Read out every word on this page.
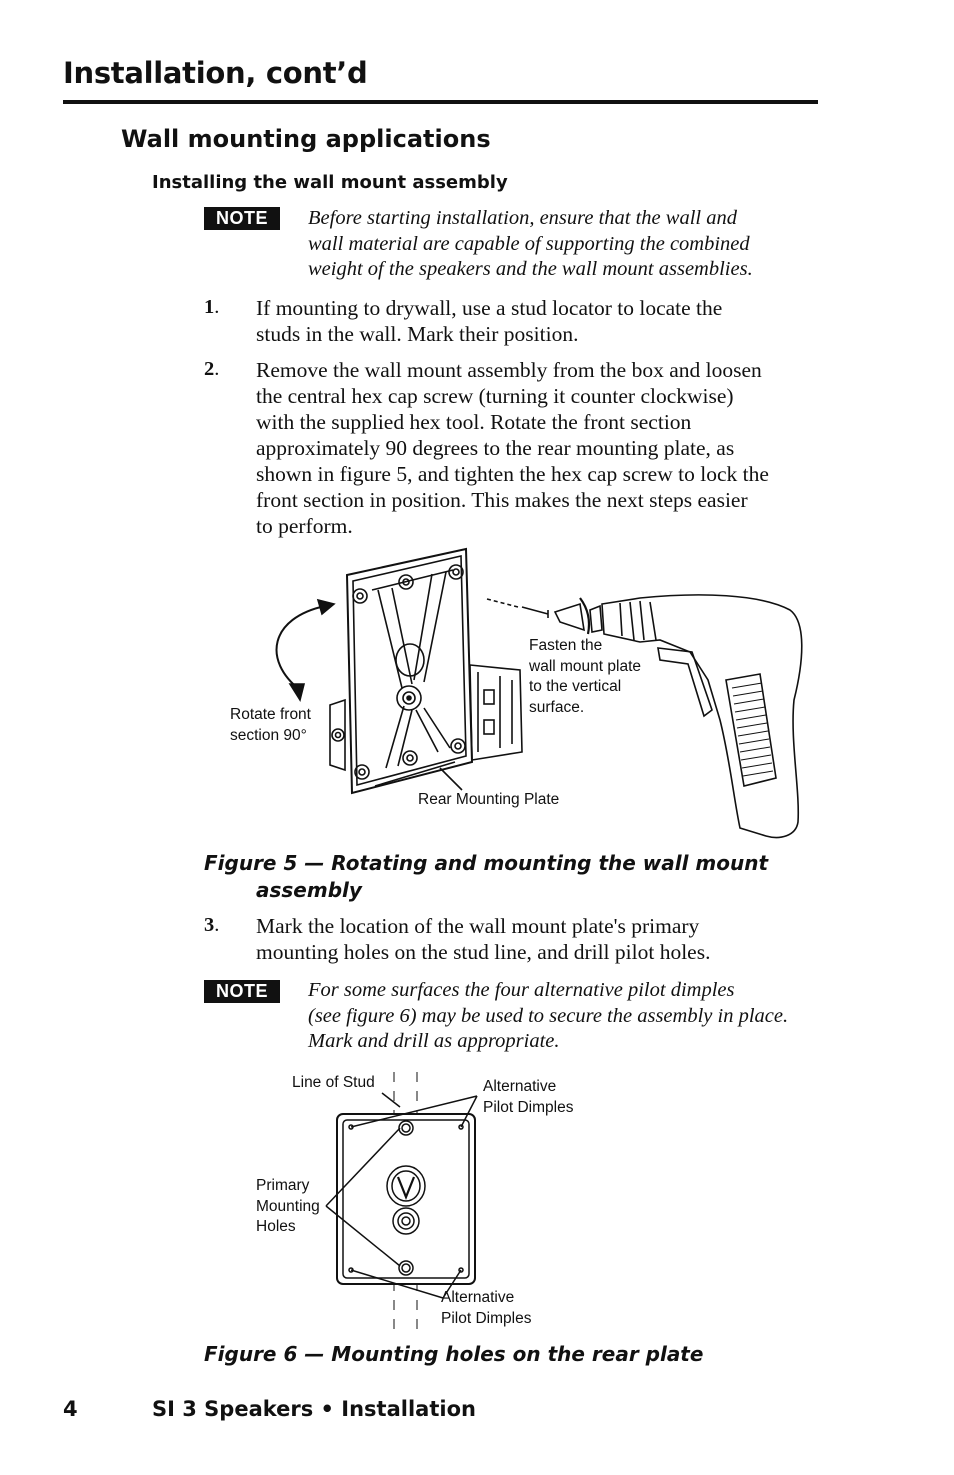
Installation, cont’d
Wall mounting applications
Installing the wall mount assembly
NOTE	Before starting installation, ensure that the wall and
wall material are capable of supporting the combined
weight of the speakers and the wall mount assemblies.
1. If mounting to drywall, use a stud locator to locate the
studs in the wall. Mark their position.
2. Remove the wall mount assembly from the box and loosen
the central hex cap screw (turning it counter clockwise)
with the supplied hex tool. Rotate the front section
approximately 90 degrees to the rear mounting plate, as
shown in figure 5, and tighten the hex cap screw to lock the
front section in position. This makes the next steps easier
to perform.
Rotate front
section 90°
Fasten the
wall mount plate
to the vertical
surface.
Rear Mounting Plate
Figure 5 — Rotating and mounting the wall mount
assembly
3. Mark the location of the wall mount plate's primary
mounting holes on the stud line, and drill pilot holes.
NOTE	For some surfaces the four alternative pilot dimples
(see figure 6) may be used to secure the assembly in place.
Mark and drill as appropriate.
Line of Stud	Alternative
Pilot Dimples
Primary
Mounting
Holes
Alternative
Pilot Dimples
Figure 6 — Mounting holes on the rear plate
4	SI 3 Speakers • Installation
